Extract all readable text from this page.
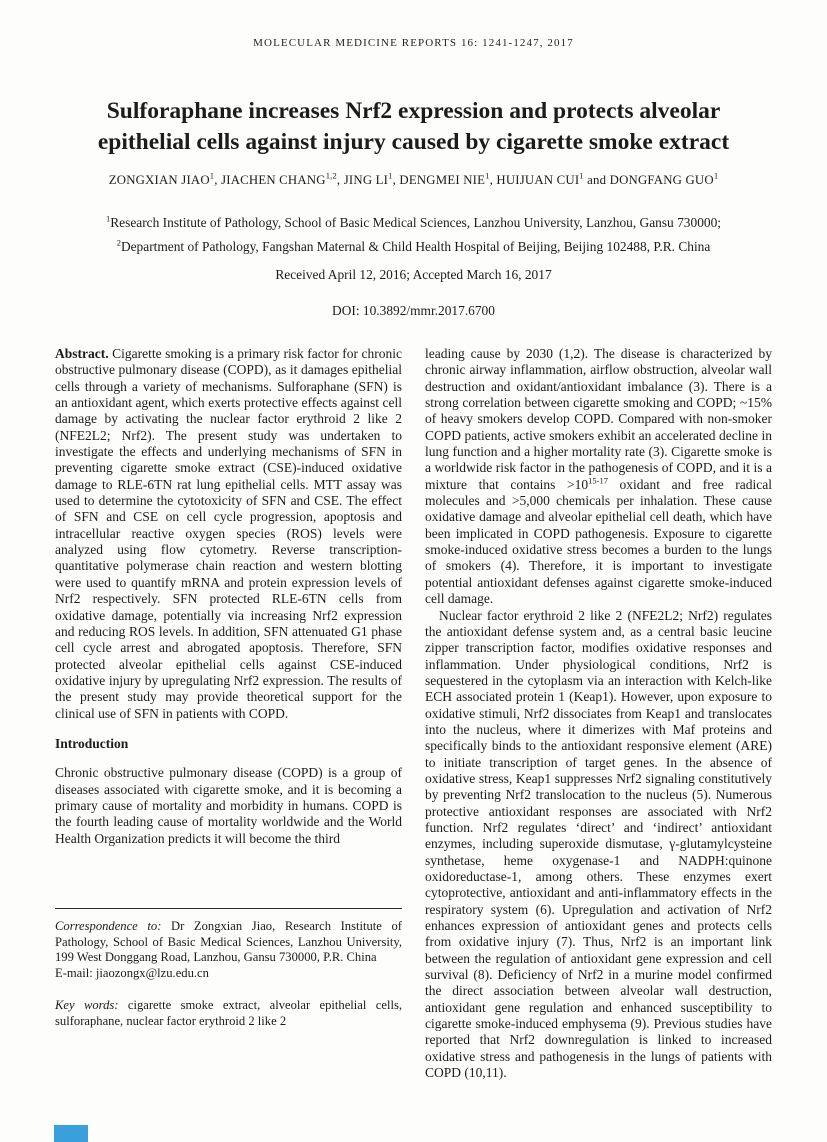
MOLECULAR MEDICINE REPORTS 16: 1241-1247, 2017
Sulforaphane increases Nrf2 expression and protects alveolar
epithelial cells against injury caused by cigarette smoke extract
ZONGXIAN JIAO$^1$, JIACHEN CHANG$^{1,2}$, JING $LI^1$, DENGMEI NIE$^1$, HUIJUAN CUI$^1$ and DONGFANG GUO$^1$
$^1$Research Institute of Pathology, School of Basic Medical Sciences, Lanzhou University, Lanzhou, Gansu 730000;
$^2$Department of Pathology, Fangshan Maternal & Child Health Hospital of Beijing, Beijing 102488, P.R. China
Received April 12, 2016; Accepted March 16, 2017
DOI: 10.3892/mmr.2017.6700

Abstract. Cigarette smoking is a primary risk factor for chronic obstructive pulmonary disease (COPD), as it damages epithelial cells through a variety of mechanisms. Sulforaphane (SFN) is an antioxidant agent, which exerts protective effects against cell damage by activating the nuclear factor erythroid 2 like 2 (NFE2L2; Nrf2). The present study was undertaken to investigate the effects and underlying mechanisms of SFN in preventing cigarette smoke extract (CSE)-induced oxidative damage to RLE-6TN rat lung epithelial cells. MTT assay was used to determine the cytotoxicity of SFN and CSE. The effect of SFN and CSE on cell cycle progression, apoptosis and intracellular reactive oxygen species (ROS) levels were analyzed using flow cytometry. Reverse transcription-quantitative polymerase chain reaction and western blotting were used to quantify mRNA and protein expression levels of Nrf2 respectively. SFN protected RLE-6TN cells from oxidative damage, potentially via increasing Nrf2 expression and reducing ROS levels. In addition, SFN attenuated G1 phase cell cycle arrest and abrogated apoptosis. Therefore, SFN protected alveolar epithelial cells against CSE-induced oxidative injury by upregulating Nrf2 expression. The results of the present study may provide theoretical support for the clinical use of SFN in patients with COPD.

Introduction

Chronic obstructive pulmonary disease (COPD) is a group of diseases associated with cigarette smoke, and it is becoming a primary cause of mortality and morbidity in humans. COPD is the fourth leading cause of mortality worldwide and the World Health Organization predicts it will become the third

Correspondence to: Dr Zongxian Jiao, Research Institute of Pathology, School of Basic Medical Sciences, Lanzhou University, 199 West Donggang Road, Lanzhou, Gansu 730000, P.R. China

E-mail: jiaozongx@lzu.edu.cn

Key words: cigarette smoke extract, alveolar epithelial cells, sulforaphane, nuclear factor erythroid 2 like 2

leading cause by 2030 (1,2). The disease is characterized by chronic airway inflammation, airflow obstruction, alveolar wall destruction and oxidant/antioxidant imbalance (3). There is a strong correlation between cigarette smoking and COPD; ~15% of heavy smokers develop COPD. Compared with non-smoker COPD patients, active smokers exhibit an accelerated decline in lung function and a higher mortality rate (3). Cigarette smoke is a worldwide risk factor in the pathogenesis of COPD, and it is a mixture that contains $>10^{15-17}$ oxidant and free radical molecules and >5,000 chemicals per inhalation. These cause oxidative damage and alveolar epithelial cell death, which have been implicated in COPD pathogenesis. Exposure to cigarette smoke-induced oxidative stress becomes a burden to the lungs of smokers (4). Therefore, it is important to investigate potential antioxidant defenses against cigarette smoke-induced cell damage.

Nuclear factor erythroid 2 like 2 (NFE2L2; Nrf2) regulates the antioxidant defense system and, as a central basic leucine zipper transcription factor, modifies oxidative responses and inflammation. Under physiological conditions, Nrf2 is sequestered in the cytoplasm via an interaction with Kelch-like ECH associated protein 1 (Keap1). However, upon exposure to oxidative stimuli, Nrf2 dissociates from Keap1 and translocates into the nucleus, where it dimerizes with Maf proteins and specifically binds to the antioxidant responsive element (ARE) to initiate transcription of target genes. In the absence of oxidative stress, Keap1 suppresses Nrf2 signaling constitutively by preventing Nrf2 translocation to the nucleus (5). Numerous protective antioxidant responses are associated with Nrf2 function. Nrf2 regulates ‘direct’ and ‘indirect’ antioxidant enzymes, including superoxide dismutase, γ-glutamylcysteine synthetase, heme oxygenase-1 and NADPH:quinone oxidoreductase-1, among others. These enzymes exert cytoprotective, antioxidant and anti-inflammatory effects in the respiratory system (6). Upregulation and activation of Nrf2 enhances expression of antioxidant genes and protects cells from oxidative injury (7). Thus, Nrf2 is an important link between the regulation of antioxidant gene expression and cell survival (8). Deficiency of Nrf2 in a murine model confirmed the direct association between alveolar wall destruction, antioxidant gene regulation and enhanced susceptibility to cigarette smoke-induced emphysema (9). Previous studies have reported that Nrf2 downregulation is linked to increased oxidative stress and pathogenesis in the lungs of patients with COPD (10,11).
